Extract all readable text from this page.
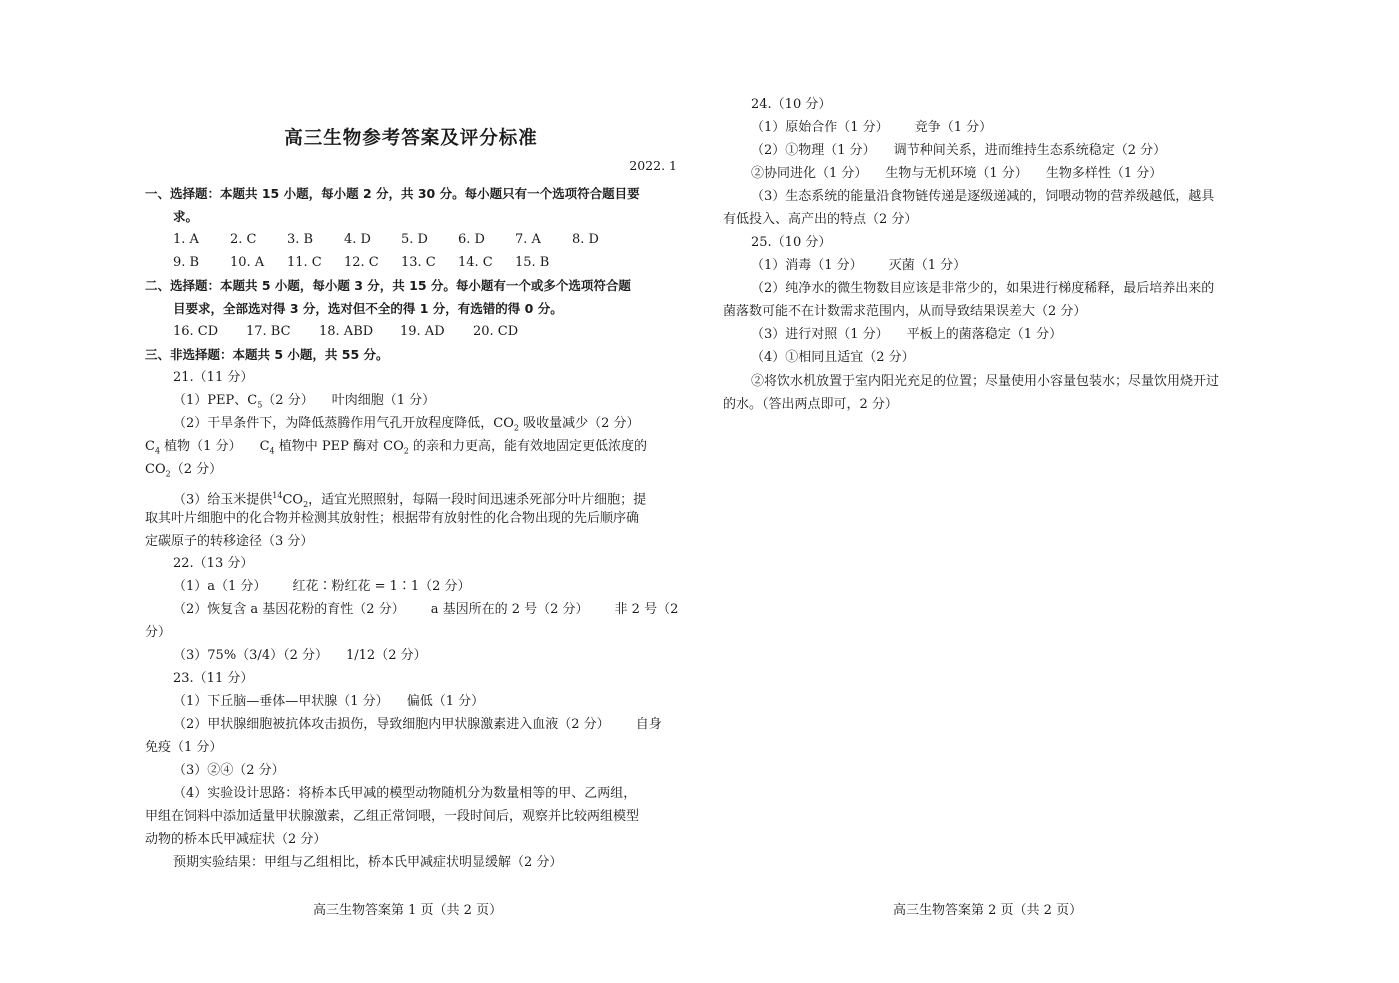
高三生物参考答案及评分标准
2022. 1
一、选择题：本题共 15 小题，每小题 2 分，共 30 分。每小题只有一个选项符合题目要
求。
1. A 2. C 3. B 4. D 5. D 6. D 7. A 8. D
9. B 10. A 11. C 12. C 13. C 14. C 15. B
二、选择题：本题共 5 小题，每小题 3 分，共 15 分。每小题有一个或多个选项符合题
目要求，全部选对得 3 分，选对但不全的得 1 分，有选错的得 0 分。
16. CD 17. BC 18. ABD 19. AD 20. CD
三、非选择题：本题共 5 小题，共 55 分。
21.（11 分）
（1）PEP、$C_5(2$ 分） 叶肉细胞（1 分）
（2）干旱条件下，为降低蒸腾作用气孔开放程度降低，$CO_2$ 吸收量减少（2 分）
$C_4$ 植物（1 分） $C_4$ 植物中 PEP 酶对 $CO_2$ 的亲和力更高，能有效地固定更低浓度的
$CO_2(2$ 分）
（3）给玉米提供$^{14}CO_2$，适宜光照照射，每隔一段时间迅速杀死部分叶片细胞；提
取其叶片细胞中的化合物并检测其放射性；根据带有放射性的化合物出现的先后顺序确
定碳原子的转移途径（3 分）
22.（13 分）
（1）a（1 分） 红花∶粉红花 = 1∶1（2 分）
（2）恢复含 a 基因花粉的育性（2 分） a 基因所在的 2 号（2 分） 非 2 号（2
分）
（3）75%（3/4）（2 分） 1/12（2 分）
23.（11 分）
（1）下丘脑—垂体—甲状腺（1 分） 偏低（1 分）
（2）甲状腺细胞被抗体攻击损伤，导致细胞内甲状腺激素进入血液（2 分） 自身
免疫（1 分）
（3）②④（2 分）
（4）实验设计思路：将桥本氏甲减的模型动物随机分为数量相等的甲、乙两组，
甲组在饲料中添加适量甲状腺激素，乙组正常饲喂，一段时间后，观察并比较两组模型
动物的桥本氏甲减症状（2 分）
预期实验结果：甲组与乙组相比，桥本氏甲减症状明显缓解（2 分）
高三生物答案第 1 页（共 2 页）
24.（10 分）
（1）原始合作（1 分） 竞争（1 分）
（2）①物理（1 分） 调节种间关系，进而维持生态系统稳定（2 分）
②协同进化（1 分） 生物与无机环境（1 分） 生物多样性（1 分）
（3）生态系统的能量沿食物链传递是逐级递减的，饲喂动物的营养级越低，越具
有低投入、高产出的特点（2 分）
25.（10 分）
（1）消毒（1 分） 灭菌（1 分）
（2）纯净水的微生物数目应该是非常少的，如果进行梯度稀释，最后培养出来的
菌落数可能不在计数需求范围内，从而导致结果误差大（2 分）
（3）进行对照（1 分） 平板上的菌落稳定（1 分）
（4）①相同且适宜（2 分）
②将饮水机放置于室内阳光充足的位置；尽量使用小容量包装水；尽量饮用烧开过
的水。（答出两点即可，2 分）
高三生物答案第 2 页（共 2 页）
